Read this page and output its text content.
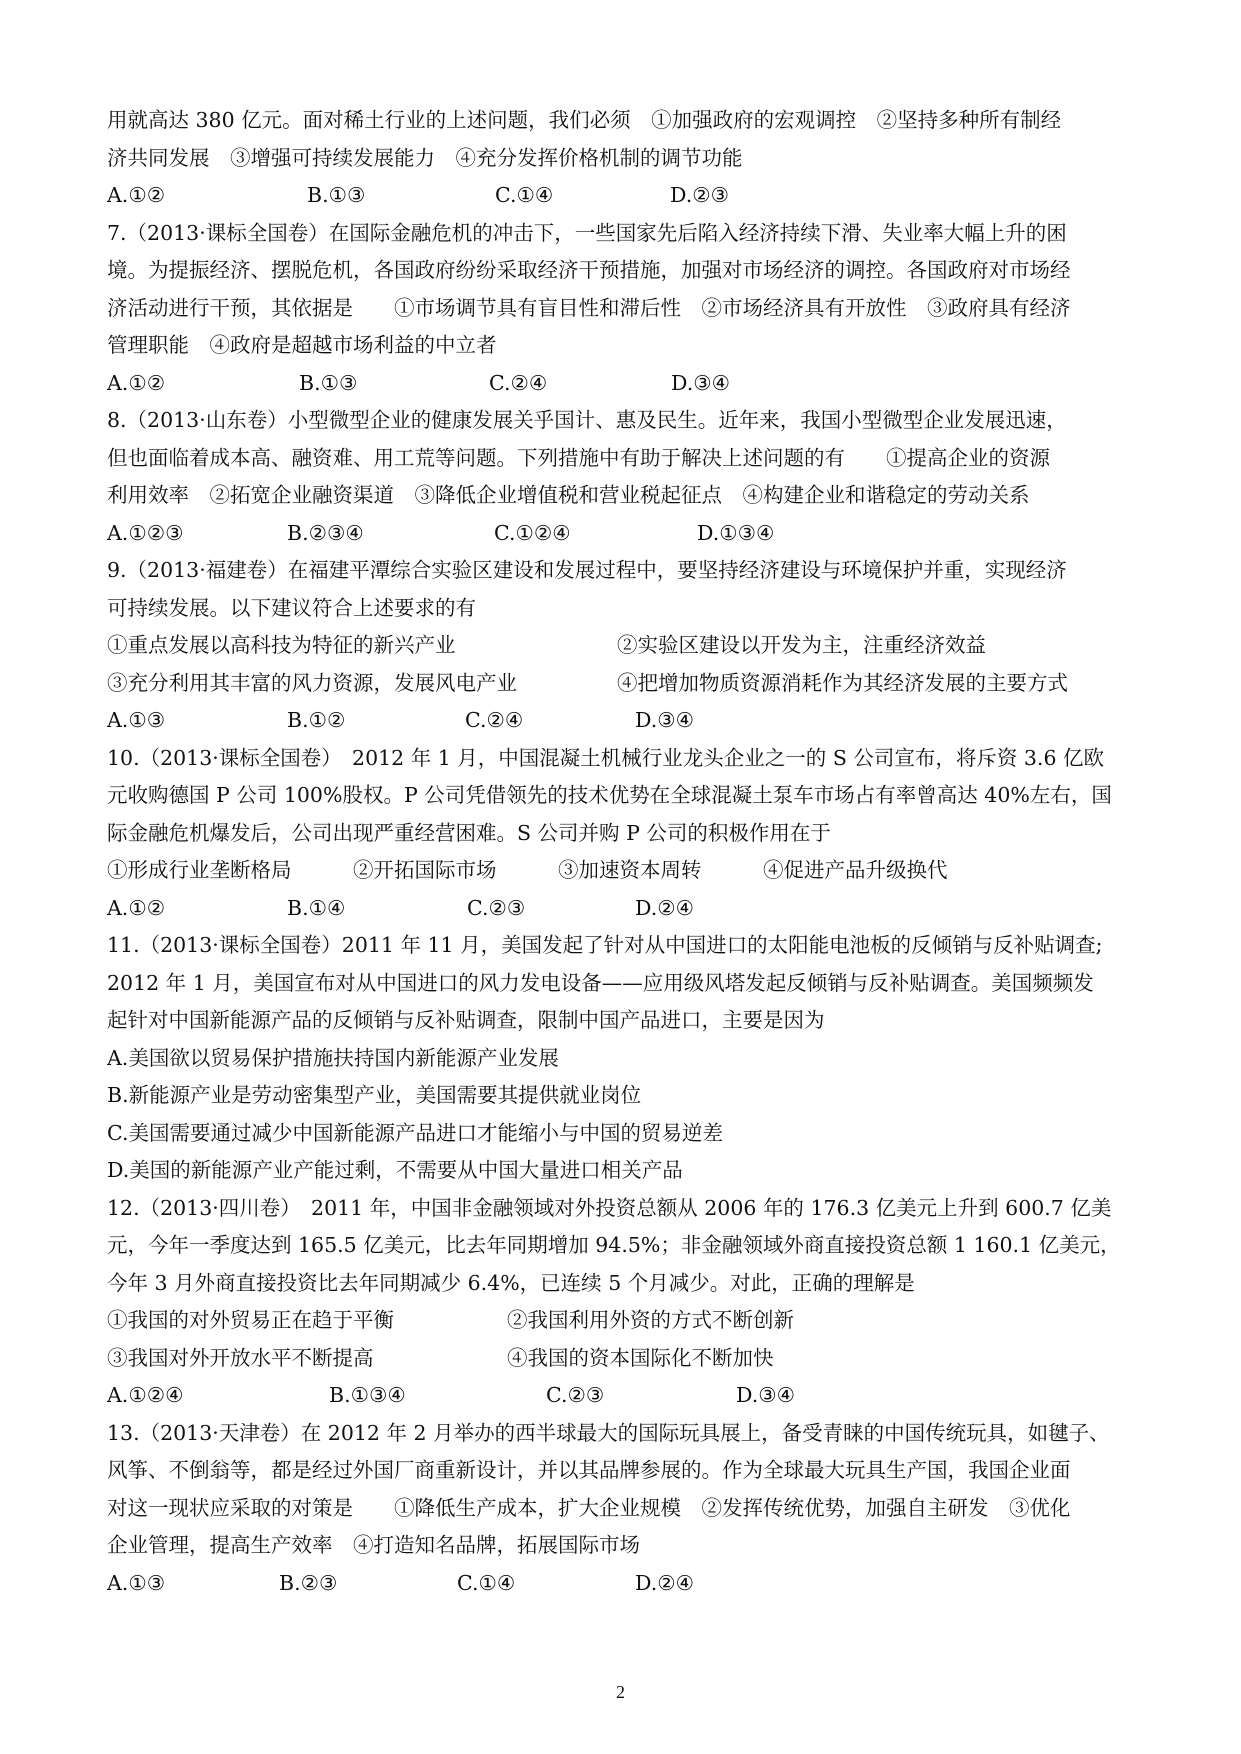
用就高达 380 亿元。面对稀土行业的上述问题，我们必须　①加强政府的宏观调控　②坚持多种所有制经
济共同发展　③增强可持续发展能力　④充分发挥价格机制的调节功能
A.①②	B.①③	C.①④	D.②③
7.（2013·课标全国卷）在国际金融危机的冲击下，一些国家先后陷入经济持续下滑、失业率大幅上升的困
境。为提振经济、摆脱危机，各国政府纷纷采取经济干预措施，加强对市场经济的调控。各国政府对市场经
济活动进行干预，其依据是　　①市场调节具有盲目性和滞后性　②市场经济具有开放性　③政府具有经济
管理职能　④政府是超越市场利益的中立者
A.①②	B.①③	C.②④	D.③④
8.（2013·山东卷）小型微型企业的健康发展关乎国计、惠及民生。近年来，我国小型微型企业发展迅速，
但也面临着成本高、融资难、用工荒等问题。下列措施中有助于解决上述问题的有　　①提高企业的资源
利用效率　②拓宽企业融资渠道　③降低企业增值税和营业税起征点　④构建企业和谐稳定的劳动关系
A.①②③	B.②③④	C.①②④	D.①③④
9.（2013·福建卷）在福建平潭综合实验区建设和发展过程中，要坚持经济建设与环境保护并重，实现经济
可持续发展。以下建议符合上述要求的有
①重点发展以高科技为特征的新兴产业	②实验区建设以开发为主，注重经济效益
③充分利用其丰富的风力资源，发展风电产业	④把增加物质资源消耗作为其经济发展的主要方式
A.①③	B.①②	C.②④	D.③④
10.（2013·课标全国卷）　2012 年 1 月，中国混凝土机械行业龙头企业之一的 S 公司宣布，将斥资 3.6 亿欧
元收购德国 P 公司 100%股权。P 公司凭借领先的技术优势在全球混凝土泵车市场占有率曾高达 40%左右，国
际金融危机爆发后，公司出现严重经营困难。S 公司并购 P 公司的积极作用在于
①形成行业垄断格局　　　②开拓国际市场　　　③加速资本周转　　　④促进产品升级换代
A.①②	B.①④	C.②③	D.②④
11.（2013·课标全国卷）2011 年 11 月，美国发起了针对从中国进口的太阳能电池板的反倾销与反补贴调查;
2012 年 1 月，美国宣布对从中国进口的风力发电设备——应用级风塔发起反倾销与反补贴调查。美国频频发
起针对中国新能源产品的反倾销与反补贴调查，限制中国产品进口，主要是因为
A.美国欲以贸易保护措施扶持国内新能源产业发展
B.新能源产业是劳动密集型产业，美国需要其提供就业岗位
C.美国需要通过减少中国新能源产品进口才能缩小与中国的贸易逆差
D.美国的新能源产业产能过剩，不需要从中国大量进口相关产品
12.（2013·四川卷）　2011 年，中国非金融领域对外投资总额从 2006 年的 176.3 亿美元上升到 600.7 亿美
元，今年一季度达到 165.5 亿美元，比去年同期增加 94.5%；非金融领域外商直接投资总额 1 160.1 亿美元，
今年 3 月外商直接投资比去年同期减少 6.4%，已连续 5 个月减少。对此，正确的理解是
①我国的对外贸易正在趋于平衡	②我国利用外资的方式不断创新
③我国对外开放水平不断提高	④我国的资本国际化不断加快
A.①②④	B.①③④	C.②③	D.③④
13.（2013·天津卷）在 2012 年 2 月举办的西半球最大的国际玩具展上，备受青睐的中国传统玩具，如毽子、
风筝、不倒翁等，都是经过外国厂商重新设计，并以其品牌参展的。作为全球最大玩具生产国，我国企业面
对这一现状应采取的对策是　　①降低生产成本，扩大企业规模　②发挥传统优势，加强自主研发　③优化
企业管理，提高生产效率　④打造知名品牌，拓展国际市场
A.①③	B.②③	C.①④	D.②④
2
